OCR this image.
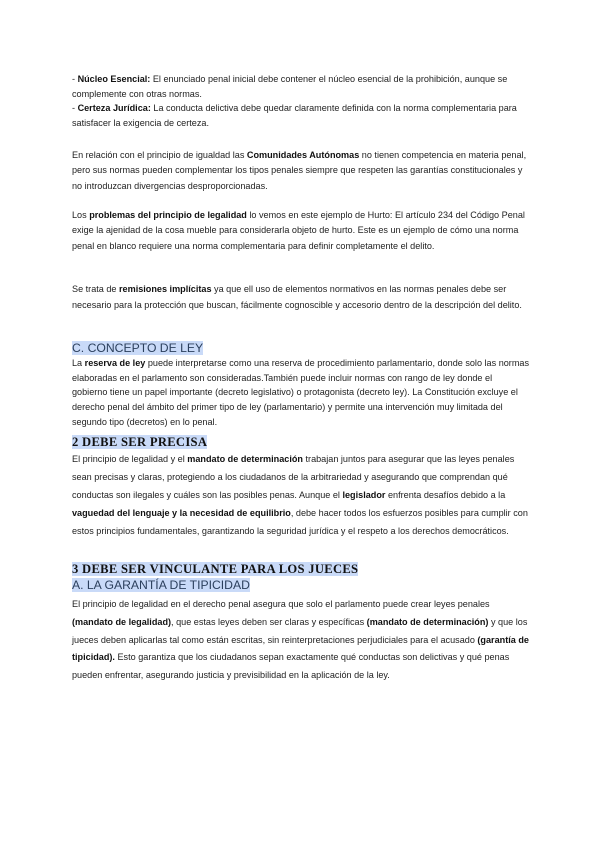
- Núcleo Esencial: El enunciado penal inicial debe contener el núcleo esencial de la prohibición, aunque se complemente con otras normas.
- Certeza Jurídica: La conducta delictiva debe quedar claramente definida con la norma complementaria para satisfacer la exigencia de certeza.

En relación con el principio de igualdad las Comunidades Autónomas no tienen competencia en materia penal, pero sus normas pueden complementar los tipos penales siempre que respeten las garantías constitucionales y no introduzcan divergencias desproporcionadas.

Los problemas del principio de legalidad lo vemos en este ejemplo de Hurto: El artículo 234 del Código Penal exige la ajenidad de la cosa mueble para considerarla objeto de hurto. Este es un ejemplo de cómo una norma penal en blanco requiere una norma complementaria para definir completamente el delito.

Se trata de remisiones implícitas ya que ell uso de elementos normativos en las normas penales debe ser necesario para la protección que buscan, fácilmente cognoscible y accesorio dentro de la descripción del delito.

C. CONCEPTO DE LEY

La reserva de ley puede interpretarse como una reserva de procedimiento parlamentario, donde solo las normas elaboradas en el parlamento son consideradas.También puede incluir normas con rango de ley donde el gobierno tiene un papel importante (decreto legislativo) o protagonista (decreto ley). La Constitución excluye el derecho penal del ámbito del primer tipo de ley (parlamentario) y permite una intervención muy limitada del segundo tipo (decretos) en lo penal.

2 DEBE SER PRECISA

El principio de legalidad y el mandato de determinación trabajan juntos para asegurar que las leyes penales sean precisas y claras, protegiendo a los ciudadanos de la arbitrariedad y asegurando que comprendan qué conductas son ilegales y cuáles son las posibles penas. Aunque el legislador enfrenta desafíos debido a la vaguedad del lenguaje y la necesidad de equilibrio, debe hacer todos los esfuerzos posibles para cumplir con estos principios fundamentales, garantizando la seguridad jurídica y el respeto a los derechos democráticos.

3 DEBE SER VINCULANTE PARA LOS JUECES
A. LA GARANTÍA DE TIPICIDAD

El principio de legalidad en el derecho penal asegura que solo el parlamento puede crear leyes penales (mandato de legalidad), que estas leyes deben ser claras y específicas (mandato de determinación) y que los jueces deben aplicarlas tal como están escritas, sin reinterpretaciones perjudiciales para el acusado (garantía de tipicidad). Esto garantiza que los ciudadanos sepan exactamente qué conductas son delictivas y qué penas pueden enfrentar, asegurando justicia y previsibilidad en la aplicación de la ley.
